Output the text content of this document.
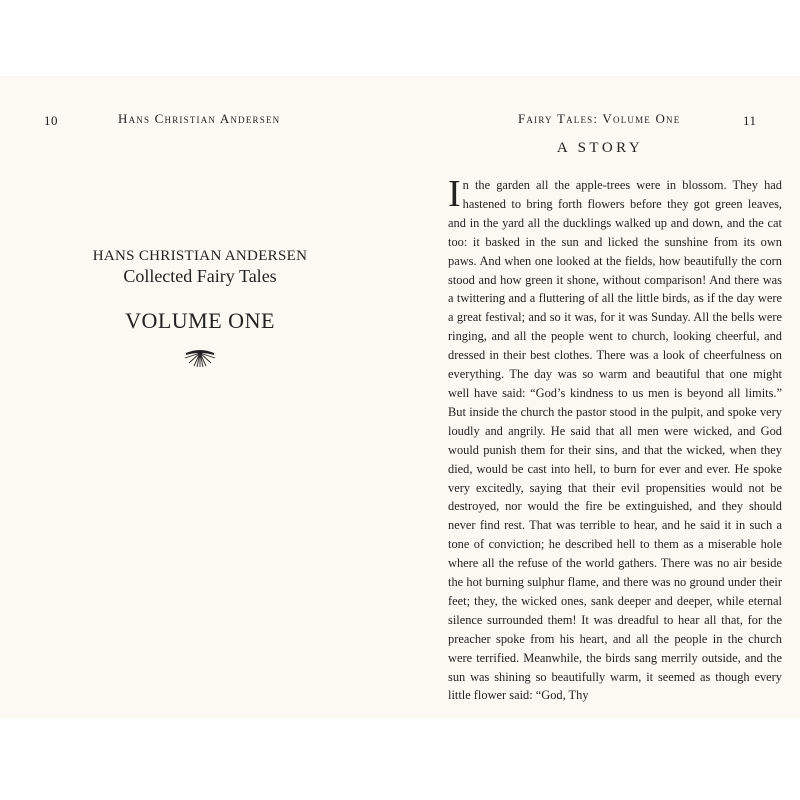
10	Hans Christian Andersen
HANS CHRISTIAN ANDERSEN
Collected Fairy Tales
VOLUME ONE
Fairy Tales: Volume One	11
A STORY

In the garden all the apple-trees were in blossom. They had hastened to bring forth flowers before they got green leaves, and in the yard all the ducklings walked up and down, and the cat too: it basked in the sun and licked the sunshine from its own paws. And when one looked at the fields, how beautifully the corn stood and how green it shone, without comparison! And there was a twittering and a fluttering of all the little birds, as if the day were a great festival; and so it was, for it was Sunday. All the bells were ringing, and all the people went to church, looking cheerful, and dressed in their best clothes. There was a look of cheerfulness on everything. The day was so warm and beautiful that one might well have said: “God’s kindness to us men is beyond all limits.” But inside the church the pastor stood in the pulpit, and spoke very loudly and angrily. He said that all men were wicked, and God would punish them for their sins, and that the wicked, when they died, would be cast into hell, to burn for ever and ever. He spoke very excitedly, saying that their evil propensities would not be destroyed, nor would the fire be extinguished, and they should never find rest. That was terrible to hear, and he said it in such a tone of conviction; he described hell to them as a miserable hole where all the refuse of the world gathers. There was no air beside the hot burning sulphur flame, and there was no ground under their feet; they, the wicked ones, sank deeper and deeper, while eternal silence surrounded them! It was dreadful to hear all that, for the preacher spoke from his heart, and all the people in the church were terrified. Meanwhile, the birds sang merrily outside, and the sun was shining so beautifully warm, it seemed as though every little flower said: “God, Thy
